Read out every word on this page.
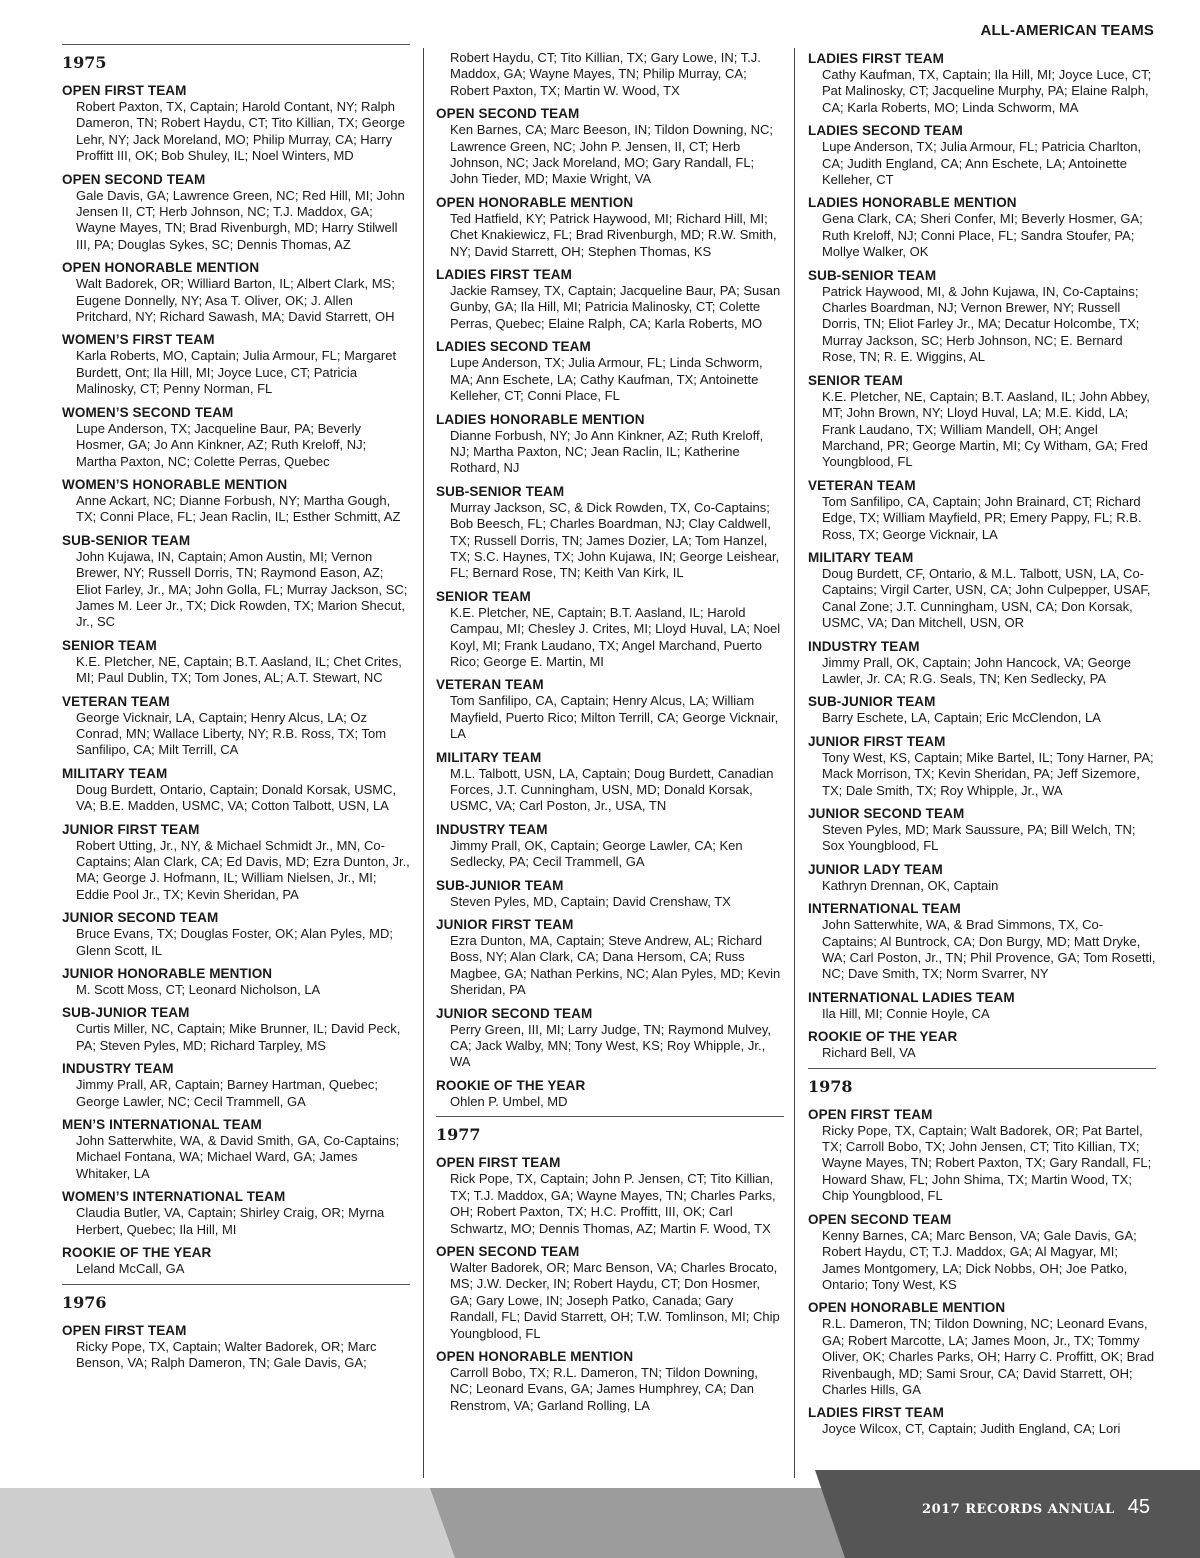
ALL-AMERICAN TEAMS
1975
OPEN FIRST TEAM
Robert Paxton, TX, Captain; Harold Contant, NY; Ralph Dameron, TN; Robert Haydu, CT; Tito Killian, TX; George Lehr, NY; Jack Moreland, MO; Philip Murray, CA; Harry Proffitt III, OK; Bob Shuley, IL; Noel Winters, MD
OPEN SECOND TEAM
Gale Davis, GA; Lawrence Green, NC; Red Hill, MI; John Jensen II, CT; Herb Johnson, NC; T.J. Maddox, GA; Wayne Mayes, TN; Brad Rivenburgh, MD; Harry Stilwell III, PA; Douglas Sykes, SC; Dennis Thomas, AZ
OPEN HONORABLE MENTION
Walt Badorek, OR; Williard Barton, IL; Albert Clark, MS; Eugene Donnelly, NY; Asa T. Oliver, OK; J. Allen Pritchard, NY; Richard Sawash, MA; David Starrett, OH
WOMEN’S FIRST TEAM
Karla Roberts, MO, Captain; Julia Armour, FL; Margaret Burdett, Ont; Ila Hill, MI; Joyce Luce, CT; Patricia Malinosky, CT; Penny Norman, FL
WOMEN’S SECOND TEAM
Lupe Anderson, TX; Jacqueline Baur, PA; Beverly Hosmer, GA; Jo Ann Kinkner, AZ; Ruth Kreloff, NJ; Martha Paxton, NC; Colette Perras, Quebec
WOMEN’S HONORABLE MENTION
Anne Ackart, NC; Dianne Forbush, NY; Martha Gough, TX; Conni Place, FL; Jean Raclin, IL; Esther Schmitt, AZ
SUB-SENIOR TEAM
John Kujawa, IN, Captain; Amon Austin, MI; Vernon Brewer, NY; Russell Dorris, TN; Raymond Eason, AZ; Eliot Farley, Jr., MA; John Golla, FL; Murray Jackson, SC; James M. Leer Jr., TX; Dick Rowden, TX; Marion Shecut, Jr., SC
SENIOR TEAM
K.E. Pletcher, NE, Captain; B.T. Aasland, IL; Chet Crites, MI; Paul Dublin, TX; Tom Jones, AL; A.T. Stewart, NC
VETERAN TEAM
George Vicknair, LA, Captain; Henry Alcus, LA; Oz Conrad, MN; Wallace Liberty, NY; R.B. Ross, TX; Tom Sanfilipo, CA; Milt Terrill, CA
MILITARY TEAM
Doug Burdett, Ontario, Captain; Donald Korsak, USMC, VA; B.E. Madden, USMC, VA; Cotton Talbott, USN, LA
JUNIOR FIRST TEAM
Robert Utting, Jr., NY, & Michael Schmidt Jr., MN, Co-Captains; Alan Clark, CA; Ed Davis, MD; Ezra Dunton, Jr., MA; George J. Hofmann, IL; William Nielsen, Jr., MI; Eddie Pool Jr., TX; Kevin Sheridan, PA
JUNIOR SECOND TEAM
Bruce Evans, TX; Douglas Foster, OK; Alan Pyles, MD; Glenn Scott, IL
JUNIOR HONORABLE MENTION
M. Scott Moss, CT; Leonard Nicholson, LA
SUB-JUNIOR TEAM
Curtis Miller, NC, Captain; Mike Brunner, IL; David Peck, PA; Steven Pyles, MD; Richard Tarpley, MS
INDUSTRY TEAM
Jimmy Prall, AR, Captain; Barney Hartman, Quebec; George Lawler, NC; Cecil Trammell, GA
MEN’S INTERNATIONAL TEAM
John Satterwhite, WA, & David Smith, GA, Co-Captains; Michael Fontana, WA; Michael Ward, GA; James Whitaker, LA
WOMEN’S INTERNATIONAL TEAM
Claudia Butler, VA, Captain; Shirley Craig, OR; Myrna Herbert, Quebec; Ila Hill, MI
ROOKIE OF THE YEAR
Leland McCall, GA
1976
OPEN FIRST TEAM
Ricky Pope, TX, Captain; Walter Badorek, OR; Marc Benson, VA; Ralph Dameron, TN; Gale Davis, GA;
Robert Haydu, CT; Tito Killian, TX; Gary Lowe, IN; T.J. Maddox, GA; Wayne Mayes, TN; Philip Murray, CA; Robert Paxton, TX; Martin W. Wood, TX
OPEN SECOND TEAM
Ken Barnes, CA; Marc Beeson, IN; Tildon Downing, NC; Lawrence Green, NC; John P. Jensen, II, CT; Herb Johnson, NC; Jack Moreland, MO; Gary Randall, FL; John Tieder, MD; Maxie Wright, VA
OPEN HONORABLE MENTION
Ted Hatfield, KY; Patrick Haywood, MI; Richard Hill, MI; Chet Knakiewicz, FL; Brad Rivenburgh, MD; R.W. Smith, NY; David Starrett, OH; Stephen Thomas, KS
LADIES FIRST TEAM
Jackie Ramsey, TX, Captain; Jacqueline Baur, PA; Susan Gunby, GA; Ila Hill, MI; Patricia Malinosky, CT; Colette Perras, Quebec; Elaine Ralph, CA; Karla Roberts, MO
LADIES SECOND TEAM
Lupe Anderson, TX; Julia Armour, FL; Linda Schworm, MA; Ann Eschete, LA; Cathy Kaufman, TX; Antoinette Kelleher, CT; Conni Place, FL
LADIES HONORABLE MENTION
Dianne Forbush, NY; Jo Ann Kinkner, AZ; Ruth Kreloff, NJ; Martha Paxton, NC; Jean Raclin, IL; Katherine Rothard, NJ
SUB-SENIOR TEAM
Murray Jackson, SC, & Dick Rowden, TX, Co-Captains; Bob Beesch, FL; Charles Boardman, NJ; Clay Caldwell, TX; Russell Dorris, TN; James Dozier, LA; Tom Hanzel, TX; S.C. Haynes, TX; John Kujawa, IN; George Leishear, FL; Bernard Rose, TN; Keith Van Kirk, IL
SENIOR TEAM
K.E. Pletcher, NE, Captain; B.T. Aasland, IL; Harold Campau, MI; Chesley J. Crites, MI; Lloyd Huval, LA; Noel Koyl, MI; Frank Laudano, TX; Angel Marchand, Puerto Rico; George E. Martin, MI
VETERAN TEAM
Tom Sanfilipo, CA, Captain; Henry Alcus, LA; William Mayfield, Puerto Rico; Milton Terrill, CA; George Vicknair, LA
MILITARY TEAM
M.L. Talbott, USN, LA, Captain; Doug Burdett, Canadian Forces, J.T. Cunningham, USN, MD; Donald Korsak, USMC, VA; Carl Poston, Jr., USA, TN
INDUSTRY TEAM
Jimmy Prall, OK, Captain; George Lawler, CA; Ken Sedlecky, PA; Cecil Trammell, GA
SUB-JUNIOR TEAM
Steven Pyles, MD, Captain; David Crenshaw, TX
JUNIOR FIRST TEAM
Ezra Dunton, MA, Captain; Steve Andrew, AL; Richard Boss, NY; Alan Clark, CA; Dana Hersom, CA; Russ Magbee, GA; Nathan Perkins, NC; Alan Pyles, MD; Kevin Sheridan, PA
JUNIOR SECOND TEAM
Perry Green, III, MI; Larry Judge, TN; Raymond Mulvey, CA; Jack Walby, MN; Tony West, KS; Roy Whipple, Jr., WA
ROOKIE OF THE YEAR
Ohlen P. Umbel, MD
1977
OPEN FIRST TEAM
Rick Pope, TX, Captain; John P. Jensen, CT; Tito Killian, TX; T.J. Maddox, GA; Wayne Mayes, TN; Charles Parks, OH; Robert Paxton, TX; H.C. Proffitt, III, OK; Carl Schwartz, MO; Dennis Thomas, AZ; Martin F. Wood, TX
OPEN SECOND TEAM
Walter Badorek, OR; Marc Benson, VA; Charles Brocato, MS; J.W. Decker, IN; Robert Haydu, CT; Don Hosmer, GA; Gary Lowe, IN; Joseph Patko, Canada; Gary Randall, FL; David Starrett, OH; T.W. Tomlinson, MI; Chip Youngblood, FL
OPEN HONORABLE MENTION
Carroll Bobo, TX; R.L. Dameron, TN; Tildon Downing, NC; Leonard Evans, GA; James Humphrey, CA; Dan Renstrom, VA; Garland Rolling, LA
LADIES FIRST TEAM
Cathy Kaufman, TX, Captain; Ila Hill, MI; Joyce Luce, CT; Pat Malinosky, CT; Jacqueline Murphy, PA; Elaine Ralph, CA; Karla Roberts, MO; Linda Schworm, MA
LADIES SECOND TEAM
Lupe Anderson, TX; Julia Armour, FL; Patricia Charlton, CA; Judith England, CA; Ann Eschete, LA; Antoinette Kelleher, CT
LADIES HONORABLE MENTION
Gena Clark, CA; Sheri Confer, MI; Beverly Hosmer, GA; Ruth Kreloff, NJ; Conni Place, FL; Sandra Stoufer, PA; Mollye Walker, OK
SUB-SENIOR TEAM
Patrick Haywood, MI, & John Kujawa, IN, Co-Captains; Charles Boardman, NJ; Vernon Brewer, NY; Russell Dorris, TN; Eliot Farley Jr., MA; Decatur Holcombe, TX; Murray Jackson, SC; Herb Johnson, NC; E. Bernard Rose, TN; R. E. Wiggins, AL
SENIOR TEAM
K.E. Pletcher, NE, Captain; B.T. Aasland, IL; John Abbey, MT; John Brown, NY; Lloyd Huval, LA; M.E. Kidd, LA; Frank Laudano, TX; William Mandell, OH; Angel Marchand, PR; George Martin, MI; Cy Witham, GA; Fred Youngblood, FL
VETERAN TEAM
Tom Sanfilipo, CA, Captain; John Brainard, CT; Richard Edge, TX; William Mayfield, PR; Emery Pappy, FL; R.B. Ross, TX; George Vicknair, LA
MILITARY TEAM
Doug Burdett, CF, Ontario, & M.L. Talbott, USN, LA, Co-Captains; Virgil Carter, USN, CA; John Culpepper, USAF, Canal Zone; J.T. Cunningham, USN, CA; Don Korsak, USMC, VA; Dan Mitchell, USN, OR
INDUSTRY TEAM
Jimmy Prall, OK, Captain; John Hancock, VA; George Lawler, Jr. CA; R.G. Seals, TN; Ken Sedlecky, PA
SUB-JUNIOR TEAM
Barry Eschete, LA, Captain; Eric McClendon, LA
JUNIOR FIRST TEAM
Tony West, KS, Captain; Mike Bartel, IL; Tony Harner, PA; Mack Morrison, TX; Kevin Sheridan, PA; Jeff Sizemore, TX; Dale Smith, TX; Roy Whipple, Jr., WA
JUNIOR SECOND TEAM
Steven Pyles, MD; Mark Saussure, PA; Bill Welch, TN; Sox Youngblood, FL
JUNIOR LADY TEAM
Kathryn Drennan, OK, Captain
INTERNATIONAL TEAM
John Satterwhite, WA, & Brad Simmons, TX, Co-Captains; Al Buntrock, CA; Don Burgy, MD; Matt Dryke, WA; Carl Poston, Jr., TN; Phil Provence, GA; Tom Rosetti, NC; Dave Smith, TX; Norm Svarrer, NY
INTERNATIONAL LADIES TEAM
Ila Hill, MI; Connie Hoyle, CA
ROOKIE OF THE YEAR
Richard Bell, VA
1978
OPEN FIRST TEAM
Ricky Pope, TX, Captain; Walt Badorek, OR; Pat Bartel, TX; Carroll Bobo, TX; John Jensen, CT; Tito Killian, TX; Wayne Mayes, TN; Robert Paxton, TX; Gary Randall, FL; Howard Shaw, FL; John Shima, TX; Martin Wood, TX; Chip Youngblood, FL
OPEN SECOND TEAM
Kenny Barnes, CA; Marc Benson, VA; Gale Davis, GA; Robert Haydu, CT; T.J. Maddox, GA; Al Magyar, MI; James Montgomery, LA; Dick Nobbs, OH; Joe Patko, Ontario; Tony West, KS
OPEN HONORABLE MENTION
R.L. Dameron, TN; Tildon Downing, NC; Leonard Evans, GA; Robert Marcotte, LA; James Moon, Jr., TX; Tommy Oliver, OK; Charles Parks, OH; Harry C. Proffitt, OK; Brad Rivenbaugh, MD; Sami Srour, CA; David Starrett, OH; Charles Hills, GA
LADIES FIRST TEAM
Joyce Wilcox, CT, Captain; Judith England, CA; Lori
2017 RECORDS ANNUAL 45
